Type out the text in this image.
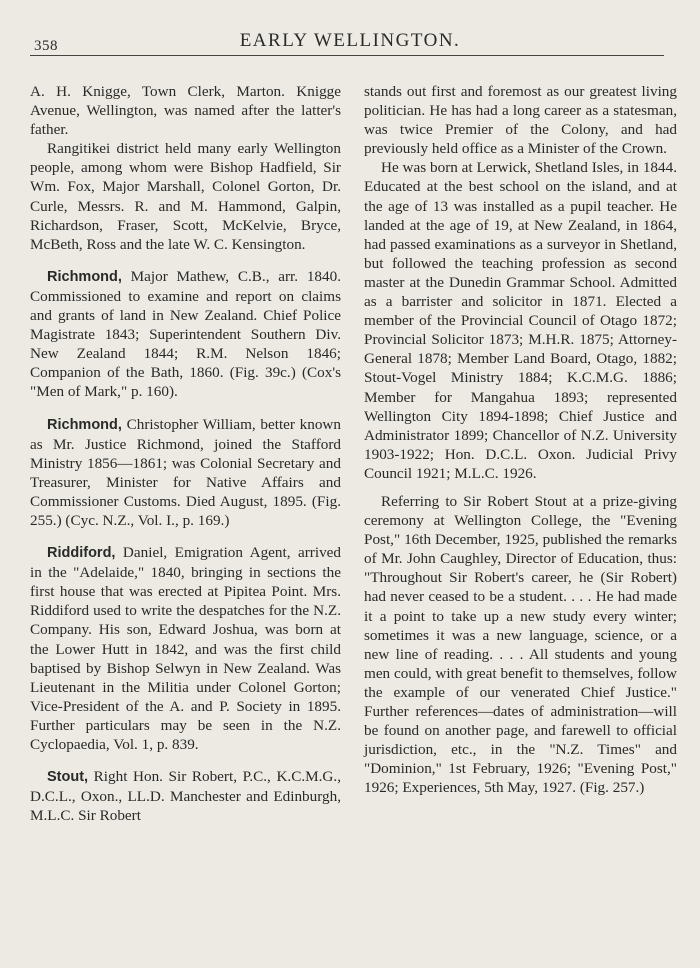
358	EARLY WELLINGTON.

A. H. Knigge, Town Clerk, Marton. Knigge Avenue, Wellington, was named after the latter's father.

Rangitikei district held many early Wellington people, among whom were Bishop Hadfield, Sir Wm. Fox, Major Marshall, Colonel Gorton, Dr. Curle, Messrs. R. and M. Hammond, Galpin, Richardson, Fraser, Scott, McKelvie, Bryce, McBeth, Ross and the late W. C. Kensington.

Richmond, Major Mathew, C.B., arr. 1840. Commissioned to examine and report on claims and grants of land in New Zealand. Chief Police Magistrate 1843; Superintendent Southern Div. New Zealand 1844; R.M. Nelson 1846; Companion of the Bath, 1860. (Fig. 39c.) (Cox's "Men of Mark," p. 160).

Richmond, Christopher William, better known as Mr. Justice Richmond, joined the Stafford Ministry 1856—1861; was Colonial Secretary and Treasurer, Minister for Native Affairs and Commissioner Customs. Died August, 1895. (Fig. 255.) (Cyc. N.Z., Vol. I., p. 169.)

Riddiford, Daniel, Emigration Agent, arrived in the "Adelaide," 1840, bringing in sections the first house that was erected at Pipitea Point. Mrs. Riddiford used to write the despatches for the N.Z. Company. His son, Edward Joshua, was born at the Lower Hutt in 1842, and was the first child baptised by Bishop Selwyn in New Zealand. Was Lieutenant in the Militia under Colonel Gorton; Vice-President of the A. and P. Society in 1895. Further particulars may be seen in the N.Z. Cyclopaedia, Vol. 1, p. 839.

Stout, Right Hon. Sir Robert, P.C., K.C.M.G., D.C.L., Oxon., LL.D. Manchester and Edinburgh, M.L.C. Sir Robert

stands out first and foremost as our greatest living politician. He has had a long career as a statesman, was twice Premier of the Colony, and had previously held office as a Minister of the Crown.

He was born at Lerwick, Shetland Isles, in 1844. Educated at the best school on the island, and at the age of 13 was installed as a pupil teacher. He landed at the age of 19, at New Zealand, in 1864, had passed examinations as a surveyor in Shetland, but followed the teaching profession as second master at the Dunedin Grammar School. Admitted as a barrister and solicitor in 1871. Elected a member of the Provincial Council of Otago 1872; Provincial Solicitor 1873; M.H.R. 1875; Attorney-General 1878; Member Land Board, Otago, 1882; Stout-Vogel Ministry 1884; K.C.M.G. 1886; Member for Mangahua 1893; represented Wellington City 1894-1898; Chief Justice and Administrator 1899; Chancellor of N.Z. University 1903-1922; Hon. D.C.L. Oxon. Judicial Privy Council 1921; M.L.C. 1926.

Referring to Sir Robert Stout at a prize-giving ceremony at Wellington College, the "Evening Post," 16th December, 1925, published the remarks of Mr. John Caughley, Director of Education, thus: "Throughout Sir Robert's career, he (Sir Robert) had never ceased to be a student. . . . He had made it a point to take up a new study every winter; sometimes it was a new language, science, or a new line of reading. . . . All students and young men could, with great benefit to themselves, follow the example of our venerated Chief Justice." Further references—dates of administration—will be found on another page, and farewell to official jurisdiction, etc., in the "N.Z. Times" and "Dominion," 1st February, 1926; "Evening Post," 1926; Experiences, 5th May, 1927. (Fig. 257.)
